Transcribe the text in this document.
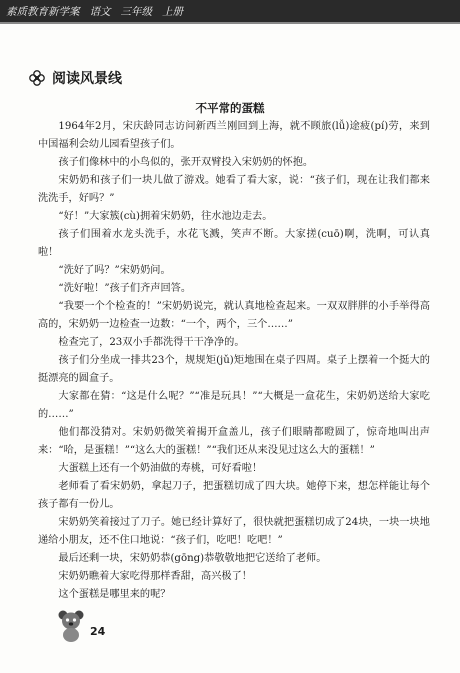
素质教育新学案 语文 三年级 上册
阅读风景线
不平常的蛋糕

1964年2月，宋庆龄同志访问新西兰刚回到上海，就不顾旅(lǚ)途疲(pí)劳，来到中国福利会幼儿园看望孩子们。

孩子们像林中的小鸟似的，张开双臂投入宋奶奶的怀抱。

宋奶奶和孩子们一块儿做了游戏。她看了看大家，说：“孩子们，现在让我们都来洗洗手，好吗？”

“好！”大家簇(cù)拥着宋奶奶，往水池边走去。

孩子们围着水龙头洗手，水花飞溅，笑声不断。大家搓(cuō)啊，洗啊，可认真啦！

“洗好了吗？”宋奶奶问。

“洗好啦！”孩子们齐声回答。

“我要一个个检查的！”宋奶奶说完，就认真地检查起来。一双双胖胖的小手举得高高的，宋奶奶一边检查一边数：“一个，两个，三个……”

检查完了，23双小手都洗得干干净净的。

孩子们分坐成一排共23个，规规矩(jǔ)矩地围在桌子四周。桌子上摆着一个挺大的挺漂亮的圆盒子。

大家都在猜：“这是什么呢？”“准是玩具！”“大概是一盒花生，宋奶奶送给大家吃的……”

他们都没猜对。宋奶奶微笑着揭开盒盖儿，孩子们眼睛都瞪圆了，惊奇地叫出声来：“哈，是蛋糕！”“这么大的蛋糕！”“我们还从来没见过这么大的蛋糕！”

大蛋糕上还有一个奶油做的寿桃，可好看啦！

老师看了看宋奶奶，拿起刀子，把蛋糕切成了四大块。她停下来，想怎样能让每个孩子都有一份儿。

宋奶奶笑着接过了刀子。她已经计算好了，很快就把蛋糕切成了24块，一块一块地递给小朋友，还不住口地说：“孩子们，吃吧！吃吧！”

最后还剩一块，宋奶奶恭(gōng)恭敬敬地把它送给了老师。

宋奶奶瞧着大家吃得那样香甜，高兴极了！

这个蛋糕是哪里来的呢？

24
